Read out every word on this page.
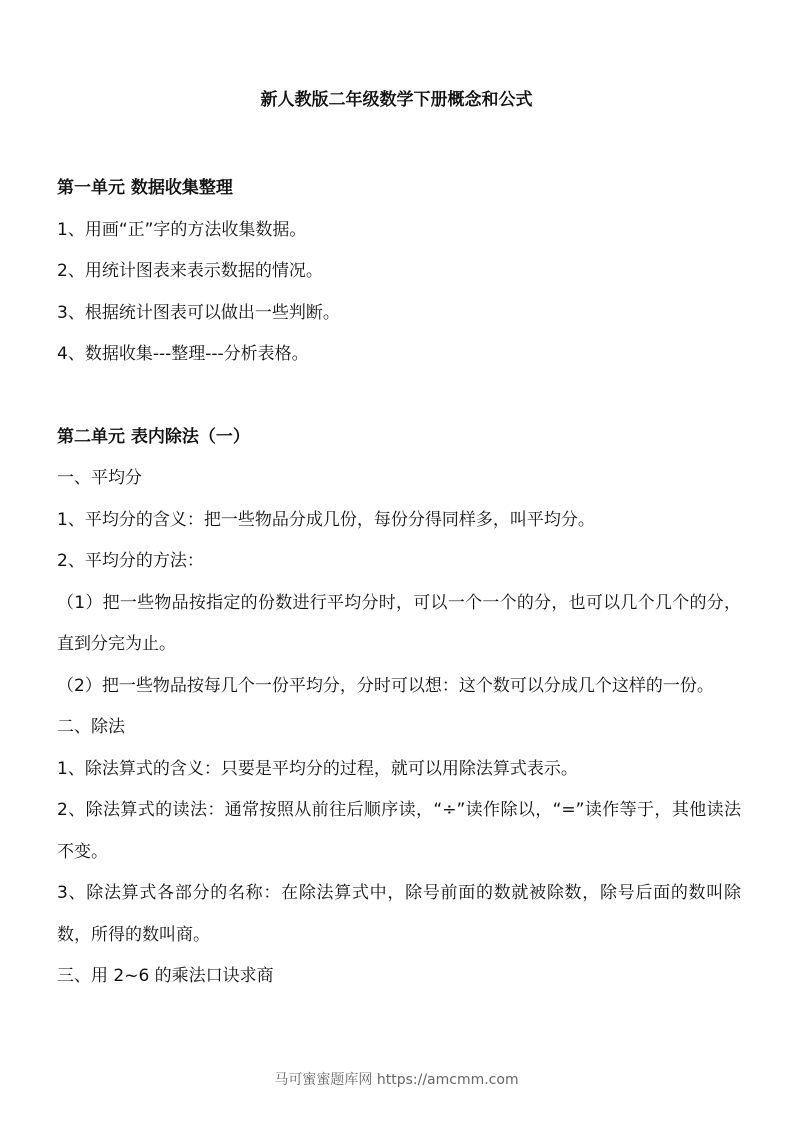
新人教版二年级数学下册概念和公式

第一单元 数据收集整理

1、用画“正”字的方法收集数据。

2、用统计图表来表示数据的情况。

3、根据统计图表可以做出一些判断。

4、数据收集---整理---分析表格。

第二单元 表内除法（一）

一、平均分

1、平均分的含义：把一些物品分成几份，每份分得同样多，叫平均分。

2、平均分的方法：

（1）把一些物品按指定的份数进行平均分时，可以一个一个的分，也可以几个几个的分，直到分完为止。

（2）把一些物品按每几个一份平均分，分时可以想：这个数可以分成几个这样的一份。

二、除法

1、除法算式的含义：只要是平均分的过程，就可以用除法算式表示。

2、除法算式的读法：通常按照从前往后顺序读，“÷”读作除以，“=”读作等于，其他读法不变。

3、除法算式各部分的名称：在除法算式中，除号前面的数就被除数，除号后面的数叫除数，所得的数叫商。

三、用 2~6 的乘法口诀求商

马可蜜蜜题库网 https://amcmm.com
